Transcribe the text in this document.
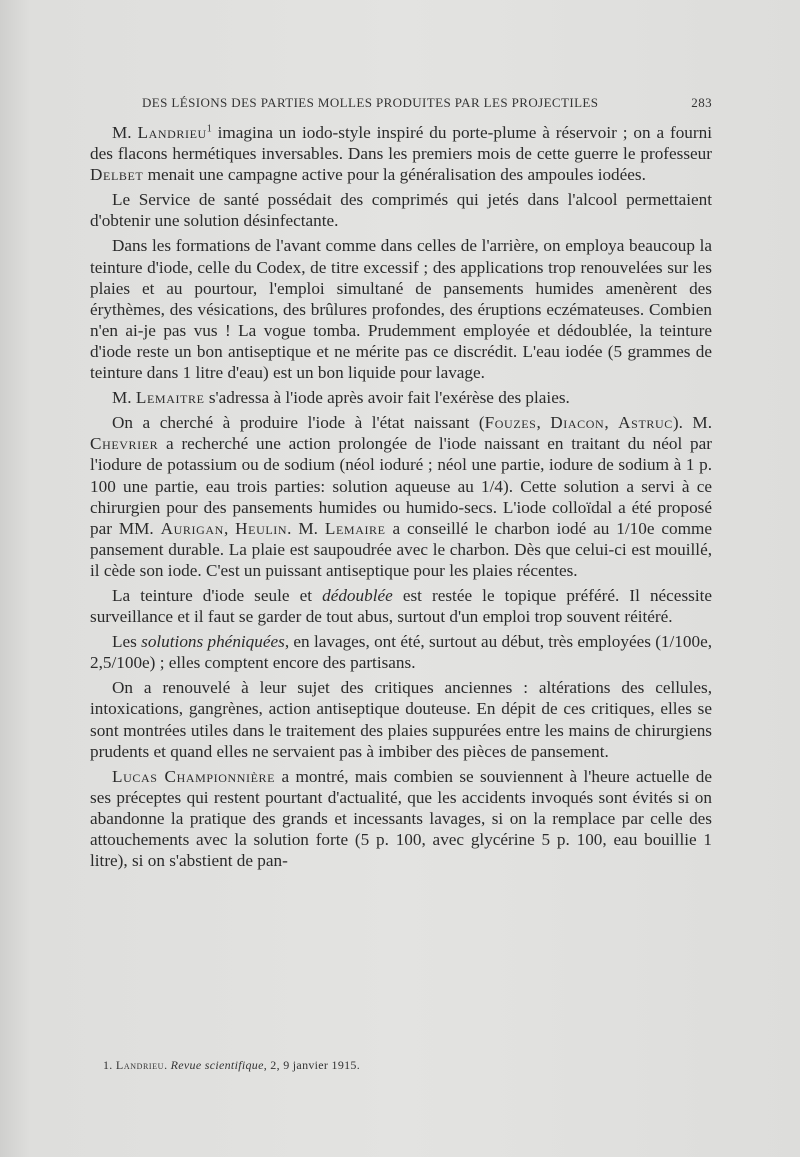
DES LÉSIONS DES PARTIES MOLLES PRODUITES PAR LES PROJECTILES	283

M. Landrieu$^1$ imagina un iodo-style inspiré du porte-plume à réservoir ; on a fourni des flacons hermétiques inversables. Dans les premiers mois de cette guerre le professeur Delbet menait une campagne active pour la généralisation des ampoules iodées.

Le Service de santé possédait des comprimés qui jetés dans l'alcool permettaient d'obtenir une solution désinfectante.

Dans les formations de l'avant comme dans celles de l'arrière, on employa beaucoup la teinture d'iode, celle du Codex, de titre excessif ; des applications trop renouvelées sur les plaies et au pourtour, l'emploi simultané de pansements humides amenèrent des érythèmes, des vésications, des brûlures profondes, des éruptions eczémateuses. Combien n'en ai-je pas vus ! La vogue tomba. Prudemment employée et dédoublée, la teinture d'iode reste un bon antiseptique et ne mérite pas ce discrédit. L'eau iodée (5 grammes de teinture dans 1 litre d'eau) est un bon liquide pour lavage.

M. Lemaitre s'adressa à l'iode après avoir fait l'exérèse des plaies.

On a cherché à produire l'iode à l'état naissant (Fouzes, Diacon, Astruc). M. Chevrier a recherché une action prolongée de l'iode naissant en traitant du néol par l'iodure de potassium ou de sodium (néol ioduré ; néol une partie, iodure de sodium à 1 p. 100 une partie, eau trois parties: solution aqueuse au 1/4). Cette solution a servi à ce chirurgien pour des pansements humides ou humido-secs. L'iode colloïdal a été proposé par MM. Aurigan, Heulin. M. Lemaire a conseillé le charbon iodé au 1/10e comme pansement durable. La plaie est saupoudrée avec le charbon. Dès que celui-ci est mouillé, il cède son iode. C'est un puissant antiseptique pour les plaies récentes.

La teinture d'iode seule et dédoublée est restée le topique préféré. Il nécessite surveillance et il faut se garder de tout abus, surtout d'un emploi trop souvent réitéré.

Les solutions phéniquées, en lavages, ont été, surtout au début, très employées (1/100e, 2,5/100e) ; elles comptent encore des partisans.

On a renouvelé à leur sujet des critiques anciennes : altérations des cellules, intoxications, gangrènes, action antiseptique douteuse. En dépit de ces critiques, elles se sont montrées utiles dans le traitement des plaies suppurées entre les mains de chirurgiens prudents et quand elles ne servaient pas à imbiber des pièces de pansement.

Lucas Championnière a montré, mais combien se souviennent à l'heure actuelle de ses préceptes qui restent pourtant d'actualité, que les accidents invoqués sont évités si on abandonne la pratique des grands et incessants lavages, si on la remplace par celle des attouchements avec la solution forte (5 p. 100, avec glycérine 5 p. 100, eau bouillie 1 litre), si on s'abstient de pan-

1. Landrieu. Revue scientifique, 2, 9 janvier 1915.
